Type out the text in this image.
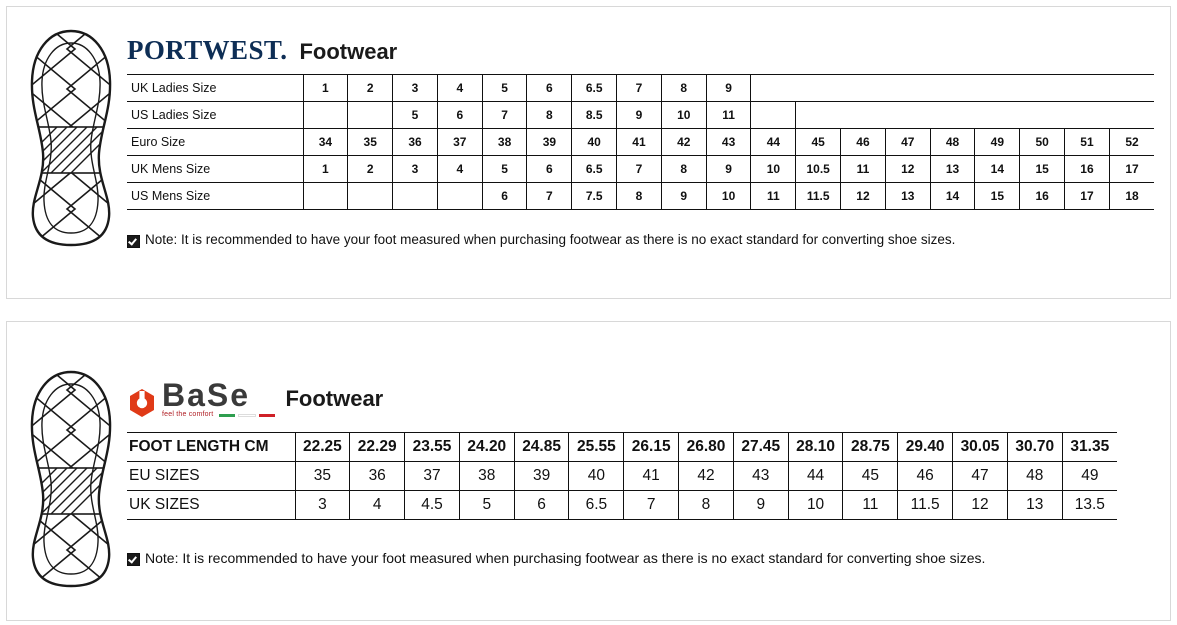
PORTWEST. Footwear
UK Ladies Size	1	2	3	4	5	6	6.5	7	8	9									
US Ladies Size			5	6	7	8	8.5	9	10	11									
Euro Size	34	35	36	37	38	39	40	41	42	43	44	45	46	47	48	49	50	51	52
UK Mens Size	1	2	3	4	5	6	6.5	7	8	9	10	10.5	11	12	13	14	15	16	17
US Mens Size					6	7	7.5	8	9	10	11	11.5	12	13	14	15	16	17	18
Note: It is recommended to have your foot measured when purchasing footwear as there is no exact standard for converting shoe sizes.
BaSe
feel the comfort
Footwear
FOOT LENGTH CM	22.25	22.29	23.55	24.20	24.85	25.55	26.15	26.80	27.45	28.10	28.75	29.40	30.05	30.70	31.35
EU SIZES	35	36	37	38	39	40	41	42	43	44	45	46	47	48	49
UK SIZES	3	4	4.5	5	6	6.5	7	8	9	10	11	11.5	12	13	13.5
Note: It is recommended to have your foot measured when purchasing footwear as there is no exact standard for converting shoe sizes.
